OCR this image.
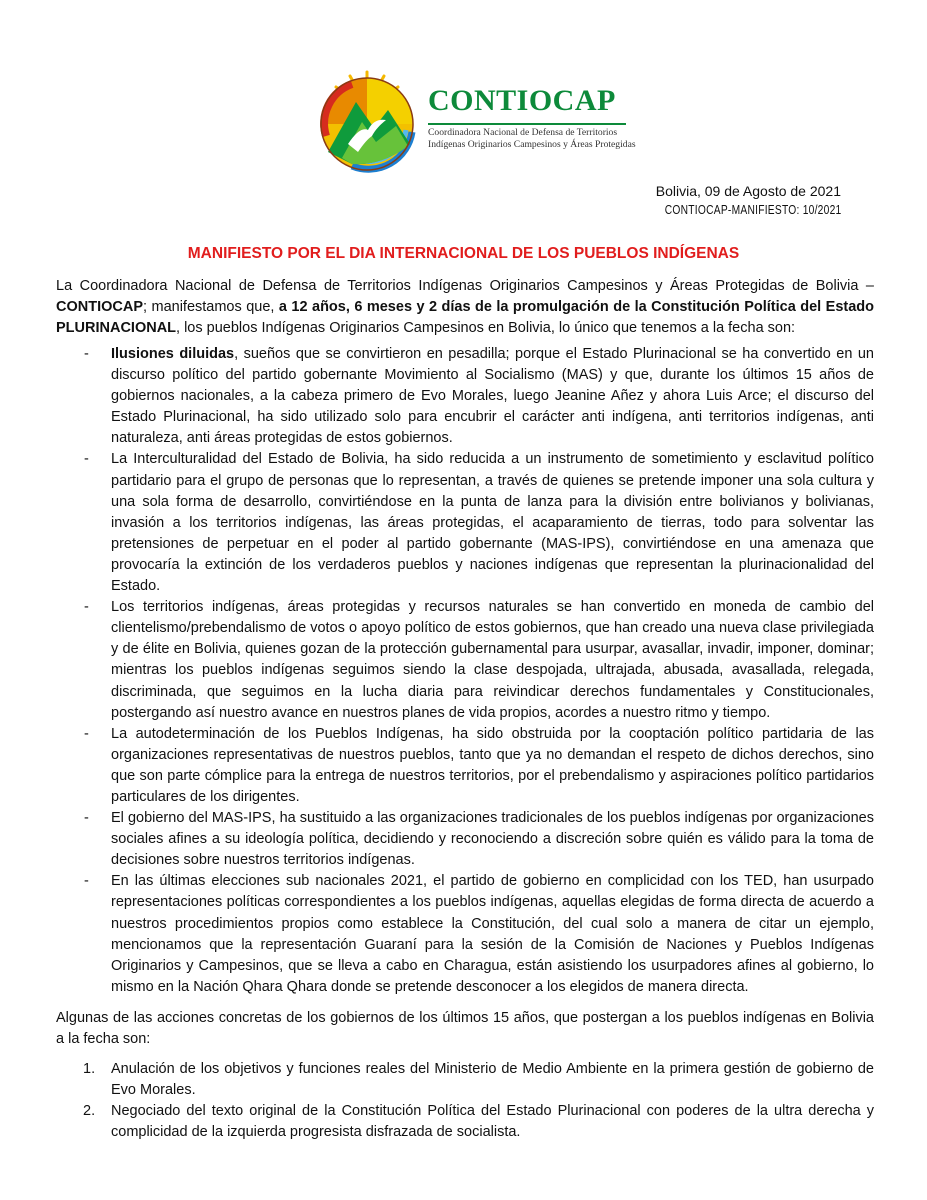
CONTIOCAP
Coordinadora Nacional de Defensa de Territorios
Indígenas Originarios Campesinos y Áreas Protegidas
Bolivia, 09 de Agosto de 2021
CONTIOCAP-MANIFIESTO: 10/2021
MANIFIESTO POR EL DIA INTERNACIONAL DE LOS PUEBLOS INDÍGENAS
La Coordinadora Nacional de Defensa de Territorios Indígenas Originarios Campesinos y Áreas Protegidas de Bolivia – CONTIOCAP; manifestamos que, a 12 años, 6 meses y 2 días de la promulgación de la Constitución Política del Estado PLURINACIONAL, los pueblos Indígenas Originarios Campesinos en Bolivia, lo único que tenemos a la fecha son:
- Ilusiones diluidas, sueños que se convirtieron en pesadilla; porque el Estado Plurinacional se ha convertido en un discurso político del partido gobernante Movimiento al Socialismo (MAS) y que, durante los últimos 15 años de gobiernos nacionales, a la cabeza primero de Evo Morales, luego Jeanine Añez y ahora Luis Arce; el discurso del Estado Plurinacional, ha sido utilizado solo para encubrir el carácter anti indígena, anti territorios indígenas, anti naturaleza, anti áreas protegidas de estos gobiernos.
- La Interculturalidad del Estado de Bolivia, ha sido reducida a un instrumento de sometimiento y esclavitud político partidario para el grupo de personas que lo representan, a través de quienes se pretende imponer una sola cultura y una sola forma de desarrollo, convirtiéndose en la punta de lanza para la división entre bolivianos y bolivianas, invasión a los territorios indígenas, las áreas protegidas, el acaparamiento de tierras, todo para solventar las pretensiones de perpetuar en el poder al partido gobernante (MAS-IPS), convirtiéndose en una amenaza que provocaría la extinción de los verdaderos pueblos y naciones indígenas que representan la plurinacionalidad del Estado.
- Los territorios indígenas, áreas protegidas y recursos naturales se han convertido en moneda de cambio del clientelismo/prebendalismo de votos o apoyo político de estos gobiernos, que han creado una nueva clase privilegiada y de élite en Bolivia, quienes gozan de la protección gubernamental para usurpar, avasallar, invadir, imponer, dominar; mientras los pueblos indígenas seguimos siendo la clase despojada, ultrajada, abusada, avasallada, relegada, discriminada, que seguimos en la lucha diaria para reivindicar derechos fundamentales y Constitucionales, postergando así nuestro avance en nuestros planes de vida propios, acordes a nuestro ritmo y tiempo.
- La autodeterminación de los Pueblos Indígenas, ha sido obstruida por la cooptación político partidaria de las organizaciones representativas de nuestros pueblos, tanto que ya no demandan el respeto de dichos derechos, sino que son parte cómplice para la entrega de nuestros territorios, por el prebendalismo y aspiraciones político partidarios particulares de los dirigentes.
- El gobierno del MAS-IPS, ha sustituido a las organizaciones tradicionales de los pueblos indígenas por organizaciones sociales afines a su ideología política, decidiendo y reconociendo a discreción sobre quién es válido para la toma de decisiones sobre nuestros territorios indígenas.
- En las últimas elecciones sub nacionales 2021, el partido de gobierno en complicidad con los TED, han usurpado representaciones políticas correspondientes a los pueblos indígenas, aquellas elegidas de forma directa de acuerdo a nuestros procedimientos propios como establece la Constitución, del cual solo a manera de citar un ejemplo, mencionamos que la representación Guaraní para la sesión de la Comisión de Naciones y Pueblos Indígenas Originarios y Campesinos, que se lleva a cabo en Charagua, están asistiendo los usurpadores afines al gobierno, lo mismo en la Nación Qhara Qhara donde se pretende desconocer a los elegidos de manera directa.
Algunas de las acciones concretas de los gobiernos de los últimos 15 años, que postergan a los pueblos indígenas en Bolivia a la fecha son:
1. Anulación de los objetivos y funciones reales del Ministerio de Medio Ambiente en la primera gestión de gobierno de Evo Morales.
2. Negociado del texto original de la Constitución Política del Estado Plurinacional con poderes de la ultra derecha y complicidad de la izquierda progresista disfrazada de socialista.
